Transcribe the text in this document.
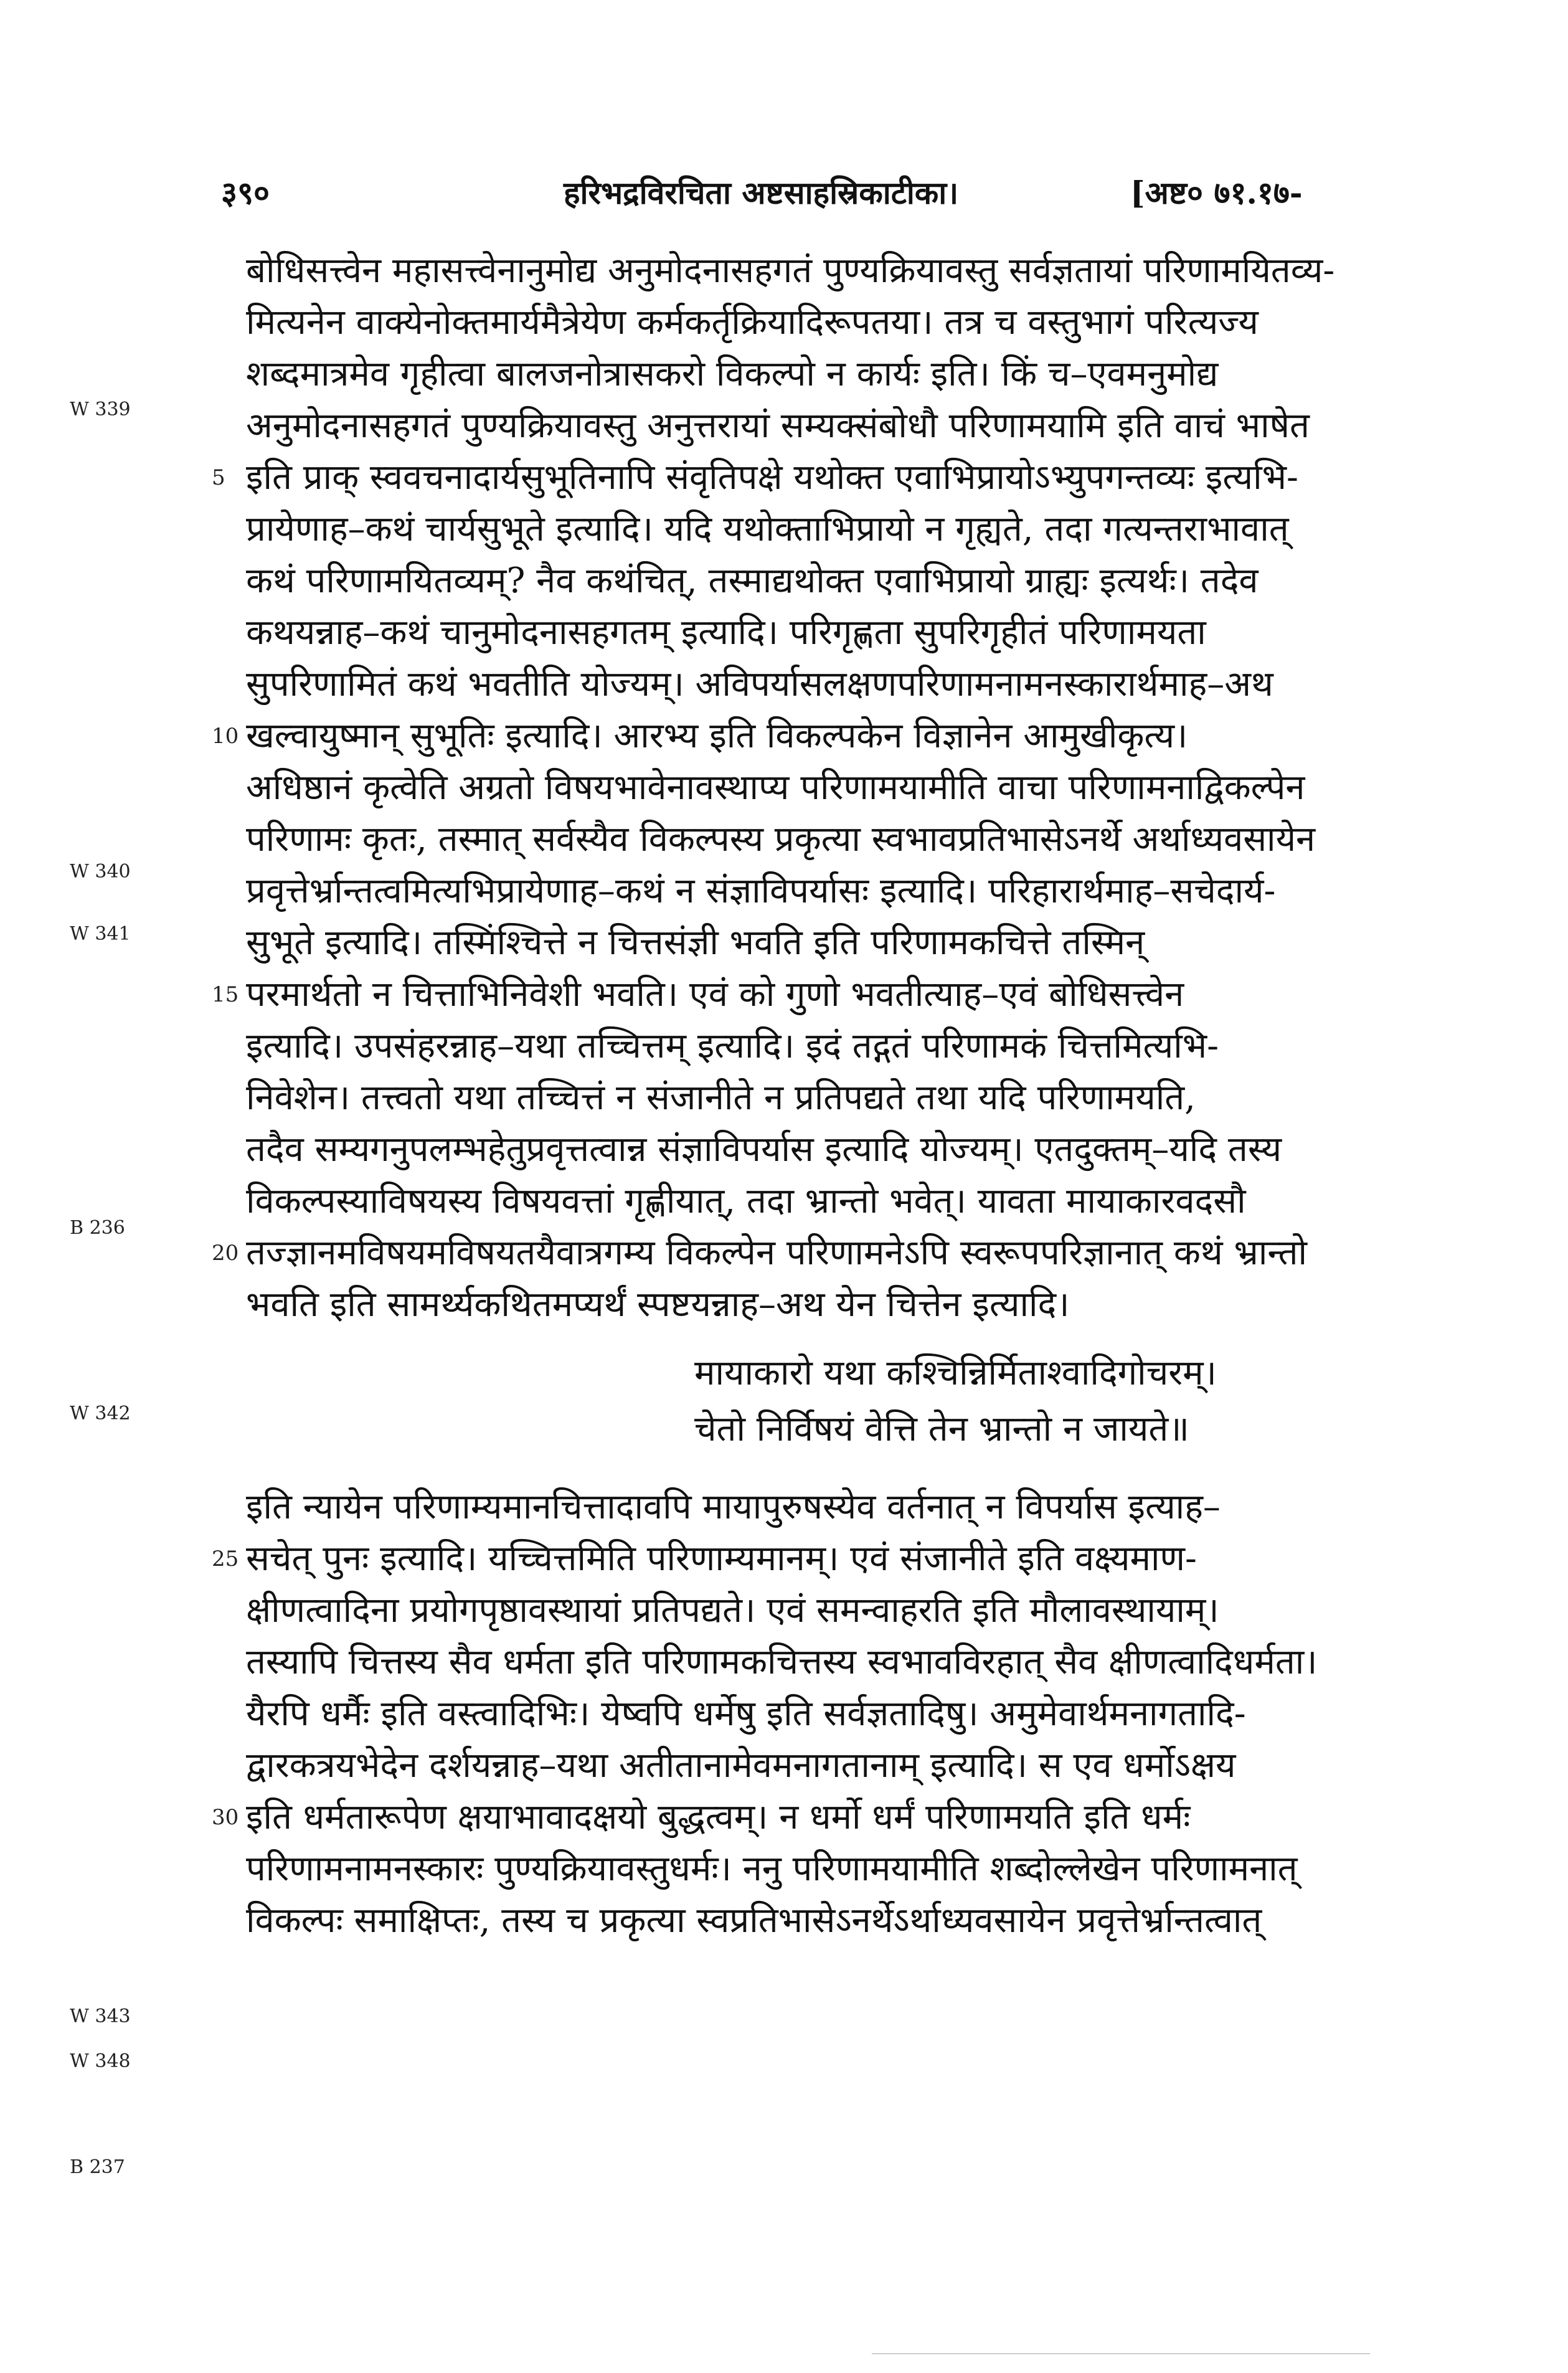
३९०	हरिभद्रविरचिता अष्टसाहस्रिकाटीका।	[अष्ट० ७१.१७-
W 339
W 340
W 341
B 236
W 342
W 343
W 348
B 237
बोधिसत्त्वेन महासत्त्वेनानुमोद्य अनुमोदनासहगतं पुण्यक्रियावस्तु सर्वज्ञतायां परिणामयितव्य-
मित्यनेन वाक्येनोक्तमार्यमैत्रेयेण कर्मकर्तृक्रियादिरूपतया। तत्र च वस्तुभागं परित्यज्य
शब्दमात्रमेव गृहीत्वा बालजनोत्रासकरो विकल्पो न कार्यः इति। किं च–एवमनुमोद्य
अनुमोदनासहगतं पुण्यक्रियावस्तु अनुत्तरायां सम्यक्संबोधौ परिणामयामि इति वाचं भाषेत
5 इति प्राक् स्ववचनादार्यसुभूतिनापि संवृतिपक्षे यथोक्त एवाभिप्रायोऽभ्युपगन्तव्यः इत्यभि-
प्रायेणाह–कथं चार्यसुभूते इत्यादि। यदि यथोक्ताभिप्रायो न गृह्यते, तदा गत्यन्तराभावात्
कथं परिणामयितव्यम्? नैव कथंचित्, तस्माद्यथोक्त एवाभिप्रायो ग्राह्यः इत्यर्थः। तदेव
कथयन्नाह–कथं चानुमोदनासहगतम् इत्यादि। परिगृह्णता सुपरिगृहीतं परिणामयता
सुपरिणामितं कथं भवतीति योज्यम्। अविपर्यासलक्षणपरिणामनामनस्कारार्थमाह–अथ
10 खल्वायुष्मान् सुभूतिः इत्यादि। आरभ्य इति विकल्पकेन विज्ञानेन आमुखीकृत्य।
अधिष्ठानं कृत्वेति अग्रतो विषयभावेनावस्थाप्य परिणामयामीति वाचा परिणामनाद्विकल्पेन
परिणामः कृतः, तस्मात् सर्वस्यैव विकल्पस्य प्रकृत्या स्वभावप्रतिभासेऽनर्थे अर्थाध्यवसायेन
प्रवृत्तेर्भ्रान्तत्वमित्यभिप्रायेणाह–कथं न संज्ञाविपर्यासः इत्यादि। परिहारार्थमाह–सचेदार्य-
सुभूते इत्यादि। तस्मिंश्चित्ते न चित्तसंज्ञी भवति इति परिणामकचित्ते तस्मिन्
15 परमार्थतो न चित्ताभिनिवेशी भवति। एवं को गुणो भवतीत्याह–एवं बोधिसत्त्वेन
इत्यादि। उपसंहरन्नाह–यथा तच्चित्तम् इत्यादि। इदं तद्गतं परिणामकं चित्तमित्यभि-
निवेशेन। तत्त्वतो यथा तच्चित्तं न संजानीते न प्रतिपद्यते तथा यदि परिणामयति,
तदैव सम्यगनुपलम्भहेतुप्रवृत्तत्वान्न संज्ञाविपर्यास इत्यादि योज्यम्। एतदुक्तम्–यदि तस्य
विकल्पस्याविषयस्य विषयवत्तां गृह्णीयात्, तदा भ्रान्तो भवेत्। यावता मायाकारवदसौ
20 तज्ज्ञानमविषयमविषयतयैवात्रगम्य विकल्पेन परिणामनेऽपि स्वरूपपरिज्ञानात् कथं भ्रान्तो
भवति इति सामर्थ्यकथितमप्यर्थं स्पष्टयन्नाह–अथ येन चित्तेन इत्यादि।
मायाकारो यथा कश्चिन्निर्मिताश्वादिगोचरम्।
चेतो निर्विषयं वेत्ति तेन भ्रान्तो न जायते॥
इति न्यायेन परिणाम्यमानचित्तादावपि मायापुरुषस्येव वर्तनात् न विपर्यास इत्याह–
25 सचेत् पुनः इत्यादि। यच्चित्तमिति परिणाम्यमानम्। एवं संजानीते इति वक्ष्यमाण-
क्षीणत्वादिना प्रयोगपृष्ठावस्थायां प्रतिपद्यते। एवं समन्वाहरति इति मौलावस्थायाम्।
तस्यापि चित्तस्य सैव धर्मता इति परिणामकचित्तस्य स्वभावविरहात् सैव क्षीणत्वादिधर्मता।
यैरपि धर्मैः इति वस्त्वादिभिः। येष्वपि धर्मेषु इति सर्वज्ञतादिषु। अमुमेवार्थमनागतादि-
द्वारकत्रयभेदेन दर्शयन्नाह–यथा अतीतानामेवमनागतानाम् इत्यादि। स एव धर्मोऽक्षय
30 इति धर्मतारूपेण क्षयाभावादक्षयो बुद्धत्वम्। न धर्मो धर्मं परिणामयति इति धर्मः
परिणामनामनस्कारः पुण्यक्रियावस्तुधर्मः। ननु परिणामयामीति शब्दोल्लेखेन परिणामनात्
विकल्पः समाक्षिप्तः, तस्य च प्रकृत्या स्वप्रतिभासेऽनर्थेऽर्थाध्यवसायेन प्रवृत्तेर्भ्रान्तत्वात्
